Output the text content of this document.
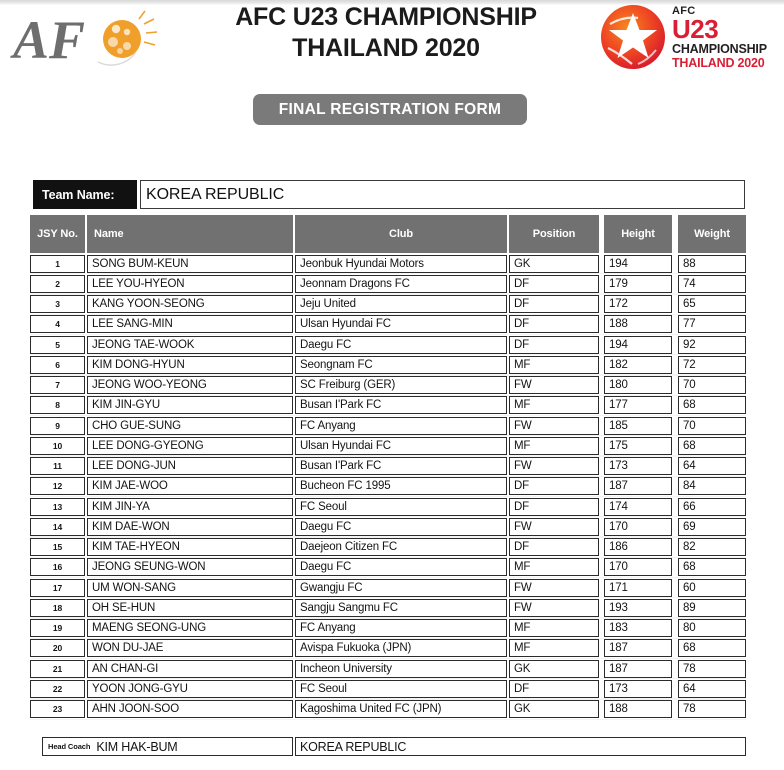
AF	AFC U23 CHAMPIONSHIP
THAILAND 2020
AFC
U23
CHAMPIONSHIP
THAILAND 2020
FINAL REGISTRATION FORM
Team Name:	KOREA REPUBLIC
JSY No.	Name	Club	Position	Height	Weight
1	SONG BUM-KEUN	Jeonbuk Hyundai Motors	GK	194	88
2	LEE YOU-HYEON	Jeonnam Dragons FC	DF	179	74
3	KANG YOON-SEONG	Jeju United	DF	172	65
4	LEE SANG-MIN	Ulsan Hyundai FC	DF	188	77
5	JEONG TAE-WOOK	Daegu FC	DF	194	92
6	KIM DONG-HYUN	Seongnam FC	MF	182	72
7	JEONG WOO-YEONG	SC Freiburg (GER)	FW	180	70
8	KIM JIN-GYU	Busan I'Park FC	MF	177	68
9	CHO GUE-SUNG	FC Anyang	FW	185	70
10	LEE DONG-GYEONG	Ulsan Hyundai FC	MF	175	68
11	LEE DONG-JUN	Busan I'Park FC	FW	173	64
12	KIM JAE-WOO	Bucheon FC 1995	DF	187	84
13	KIM JIN-YA	FC Seoul	DF	174	66
14	KIM DAE-WON	Daegu FC	FW	170	69
15	KIM TAE-HYEON	Daejeon Citizen FC	DF	186	82
16	JEONG SEUNG-WON	Daegu FC	MF	170	68
17	UM WON-SANG	Gwangju FC	FW	171	60
18	OH SE-HUN	Sangju Sangmu FC	FW	193	89
19	MAENG SEONG-UNG	FC Anyang	MF	183	80
20	WON DU-JAE	Avispa Fukuoka (JPN)	MF	187	68
21	AN CHAN-GI	Incheon University	GK	187	78
22	YOON JONG-GYU	FC Seoul	DF	173	64
23	AHN JOON-SOO	Kagoshima United FC (JPN)	GK	188	78
Head Coach KIM HAK-BUM	KOREA REPUBLIC
